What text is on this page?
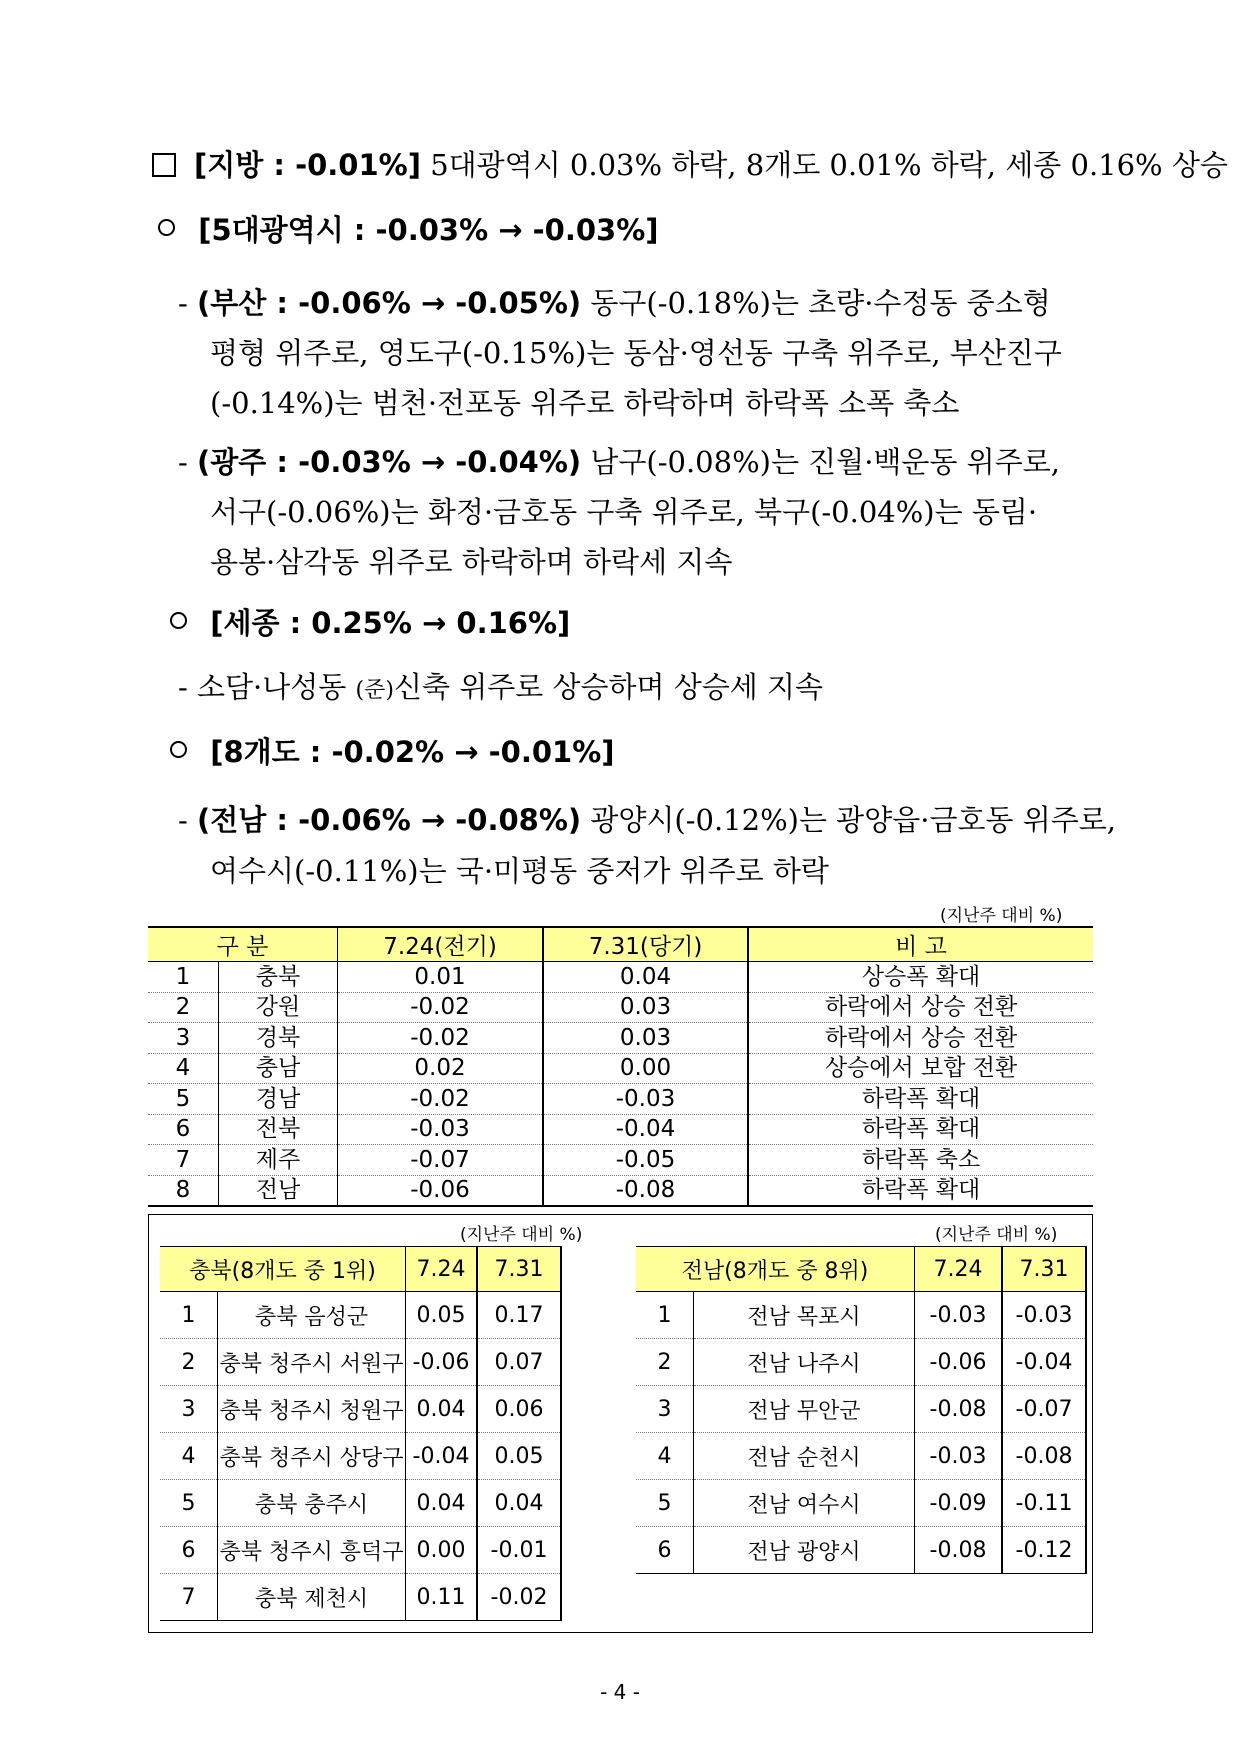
[지방 : -0.01%] 5대광역시 0.03% 하락, 8개도 0.01% 하락, 세종 0.16% 상승
[5대광역시 : -0.03% → -0.03%]
- (부산 : -0.06% → -0.05%) 동구(-0.18%)는 초량·수정동 중소형
평형 위주로, 영도구(-0.15%)는 동삼·영선동 구축 위주로, 부산진구
(-0.14%)는 범천·전포동 위주로 하락하며 하락폭 소폭 축소
- (광주 : -0.03% → -0.04%) 남구(-0.08%)는 진월·백운동 위주로,
서구(-0.06%)는 화정·금호동 구축 위주로, 북구(-0.04%)는 동림·
용봉·삼각동 위주로 하락하며 하락세 지속
[세종 : 0.25% → 0.16%]
- 소담·나성동 (준)신축 위주로 상승하며 상승세 지속
[8개도 : -0.02% → -0.01%]
- (전남 : -0.06% → -0.08%) 광양시(-0.12%)는 광양읍·금호동 위주로,
여수시(-0.11%)는 국·미평동 중저가 위주로 하락
(지난주 대비 %)
구 분		7.24(전기)	7.31(당기)	비 고
1	충북	0.01	0.04	상승폭 확대
2	강원	-0.02	0.03	하락에서 상승 전환
3	경북	-0.02	0.03	하락에서 상승 전환
4	충남	0.02	0.00	상승에서 보합 전환
5	경남	-0.02	-0.03	하락폭 확대
6	전북	-0.03	-0.04	하락폭 확대
7	제주	-0.07	-0.05	하락폭 축소
8	전남	-0.06	-0.08	하락폭 확대
(지난주 대비 %)	(지난주 대비 %)
충북(8개도 중 1위)		7.24	7.31
1	충북 음성군	0.05	0.17
2	충북 청주시 서원구	-0.06	0.07
3	충북 청주시 청원구	0.04	0.06
4	충북 청주시 상당구	-0.04	0.05
5	충북 충주시	0.04	0.04
6	충북 청주시 흥덕구	0.00	-0.01
7	충북 제천시	0.11	-0.02
전남(8개도 중 8위)		7.24	7.31
1	전남 목포시	-0.03	-0.03
2	전남 나주시	-0.06	-0.04
3	전남 무안군	-0.08	-0.07
4	전남 순천시	-0.03	-0.08
5	전남 여수시	-0.09	-0.11
6	전남 광양시	-0.08	-0.12
- 4 -
